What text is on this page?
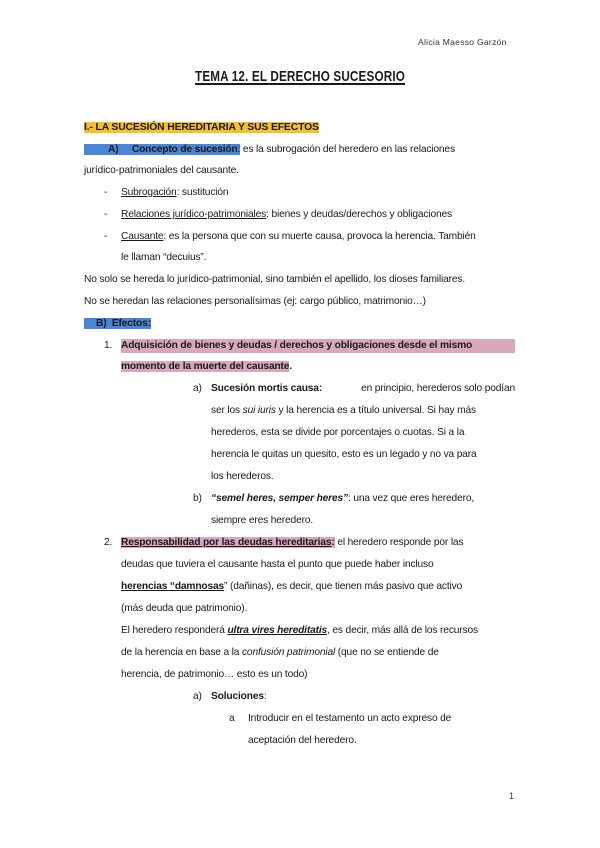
Alicia Maesso Garzón
TEMA 12. EL DERECHO SUCESORIO
I.- LA SUCESIÓN HEREDITARIA Y SUS EFECTOS
A) Concepto de sucesión: es la subrogación del heredero en las relaciones
jurídico-patrimoniales del causante.
- Subrogación: sustitución
- Relaciones jurídico-patrimoniales: bienes y deudas/derechos y obligaciones
- Causante: es la persona que con su muerte causa, provoca la herencia. También
le llaman “decuius”.
No solo se hereda lo jurídico-patrimonial, sino también el apellido, los dioses familiares.
No se heredan las relaciones personalísimas (ej: cargo público, matrimonio…)
B) Efectos:
1. Adquisición de bienes y deudas / derechos y obligaciones desde el mismo
momento de la muerte del causante.
a) Sucesión mortis causa:	en principio, herederos solo podían
ser los sui iuris y la herencia es a título universal. Si hay más
herederos, esta se divide por porcentajes o cuotas. Si a la
herencia le quitas un quesito, esto es un legado y no va para
los herederos.
b) “semel heres, semper heres”: una vez que eres heredero,
siempre eres heredero.
2. Responsabilidad por las deudas hereditarias: el heredero responde por las
deudas que tuviera el causante hasta el punto que puede haber incluso
herencias “damnosas” (dañinas), es decir, que tienen más pasivo que activo
(más deuda que patrimonio).
El heredero responderá ultra vires hereditatis, es decir, más allá de los recursos
de la herencia en base a la confusión patrimonial (que no se entiende de
herencia, de patrimonio… esto es un todo)
a) Soluciones:
a Introducir en el testamento un acto expreso de
aceptación del heredero.
1
